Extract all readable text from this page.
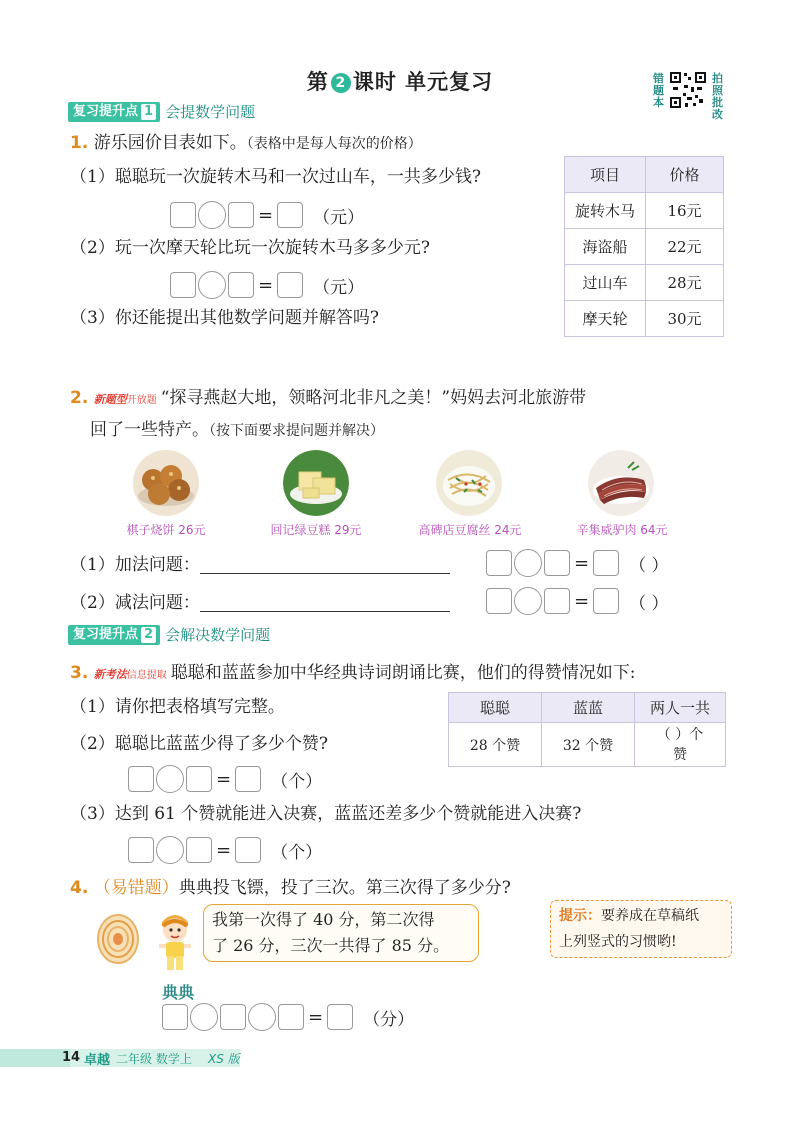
第 2 课时 单元复习	错题本
拍照批改
复习提升点 1 会提数学问题
1. 游乐园价目表如下。（表格中是每人每次的价格）
（1）聪聪玩一次旋转木马和一次过山车，一共多少钱?
= （元）
（2）玩一次摩天轮比玩一次旋转木马多多少元?
= （元）
（3）你还能提出其他数学问题并解答吗?
项目	价格
旋转木马	16元
海盗船	22元
过山车	28元
摩天轮	30元
2. 新题型开放题 “探寻燕赵大地，领略河北非凡之美！”妈妈去河北旅游带
回了一些特产。（按下面要求提问题并解决）
棋子烧饼 26元	回记绿豆糕 29元	高碑店豆腐丝 24元	辛集威驴肉 64元
（1）加法问题：	= （ ）
（2）减法问题：	= （ ）
复习提升点 2 会解决数学问题
3. 新考法信息提取 聪聪和蓝蓝参加中华经典诗词朗诵比赛，他们的得赞情况如下:
（1）请你把表格填写完整。
（2）聪聪比蓝蓝少得了多少个赞?
= （个）
（3）达到 61 个赞就能进入决赛，蓝蓝还差多少个赞就能进入决赛?
= （个）
聪聪	蓝蓝	两人一共
28 个赞	32 个赞	（ ）个
赞
4. （易错题）典典投飞镖，投了三次。第三次得了多少分?
典典
我第一次得了 40 分，第二次得
了 26 分，三次一共得了 85 分。
提示：要养成在草稿纸
上列竖式的习惯哟!
= （分）
14 卓越 二年级 数学上 XS 版
